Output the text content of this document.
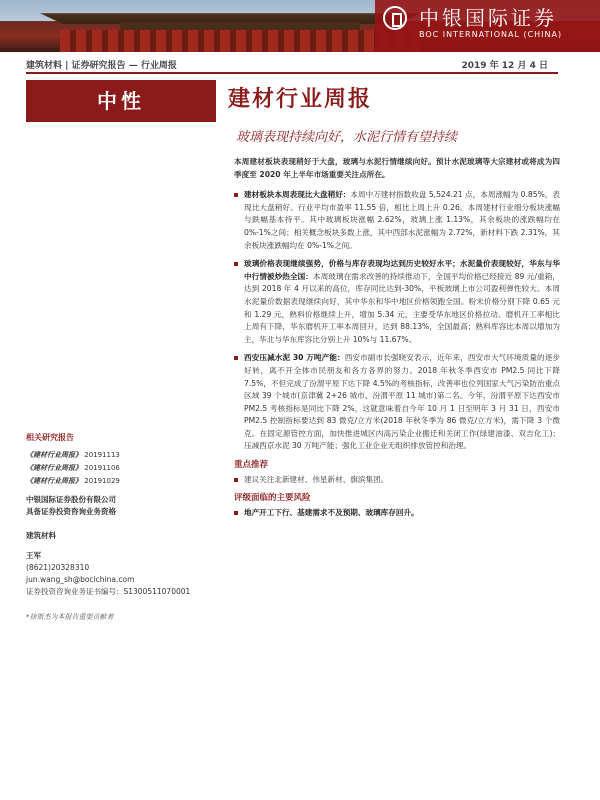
中银国际证券
BOC INTERNATIONAL (CHINA)
建筑材料 | 证券研究报告 — 行业周报	2019 年 12 月 4 日
中性	建材行业周报
玻璃表现持续向好，水泥行情有望持续
本周建材板块表现稍好于大盘，玻璃与水泥行情继续向好。预计水泥玻璃等大宗建材或将成为四季度至 2020 年上半年市场重要关注点所在。
建材板块本周表现比大盘稍好：本周中万建材指数收盘 5,524.21 点，本周涨幅为 0.85%，表现比大盘稍好。行业平均市盈率 11.55 倍，相比上周上升 0.26。本周建材行业细分板块涨幅与跌幅基本持平。其中玻璃板块涨幅 2.62%，玻璃上涨 1.13%，其余板块的涨跌幅均在 0%-1%之间；相关概念板块多数上涨，其中西部水泥涨幅为 2.72%，新材料下跌 2.31%，其余板块涨跌幅均在 0%-1%之间。
玻璃价格表现继续强势，价格与库存表现均达到历史较好水平；水泥量价表现较好，华东与华中行情被炒热全国：本周玻璃在需求改善的持续推动下，全国平均价格已经接近 89 元/重箱，达到 2018 年 4 月以来的高位，库存同比达到-30%，平板玻璃上市公司盈利弹性较大。本周水泥量价数据表现继续向好，其中华东和华中地区价格领跑全国。粉末价格分别下降 0.65 元和 1.29 元，熟料价格继续上升，增加 5.34 元，主要受华东地区价格拉动。磨机开工率相比上周有下降，华东磨机开工率本周回升，达到 88.13%，全国最高；熟料库容比本周以增加为主，华北与华东库容比分别上升 10%与 11.67%。
西安压减水泥 30 万吨产能：西安市副市长强晓安表示，近年来，西安市大气环境质量的逐步好转，离不开全体市民朋友和各方各界的努力。2018 年秋冬季西安市 PM2.5 同比下降 7.5%，不但完成了汾渭平原下达下降 4.5%的考核指标，改善率也位列国家大气污染防治重点区域 39 个城市(京津冀 2+26 城市、汾渭平原 11 城市)第二名。今年，汾渭平原下达西安市 PM2.5 考核指标是同比下降 2%，这就意味着自今年 10 月 1 日至明年 3 月 31 日，西安市 PM2.5 控制指标要达到 83 微克/立方米(2018 年秋冬季为 86 微克/立方米)，需下降 3 个微克。在固定源管控方面，加快推进城区内高污染企业搬迁和关闭工作(绿建油漆、双吉化工)；压减西京水泥 30 万吨产能；强化工业企业无组织排放管控和治理。
重点推荐
建议关注北新建材、伟星新材、旗滨集团。
评级面临的主要风险
地产开工下行、基建需求不及预期、玻璃库存回升。
相关研究报告
《建材行业周报》 20191113
《建材行业周报》 20191106
《建材行业周报》 20191029
中银国际证券股份有限公司
具备证券投资咨询业务资格
建筑材料
王军
(8621)20328310
jun.wang_sh@bocichina.com
证券投资咨询业务证书编号：S1300511070001
*徐斯杰为本报告重要贡献者
